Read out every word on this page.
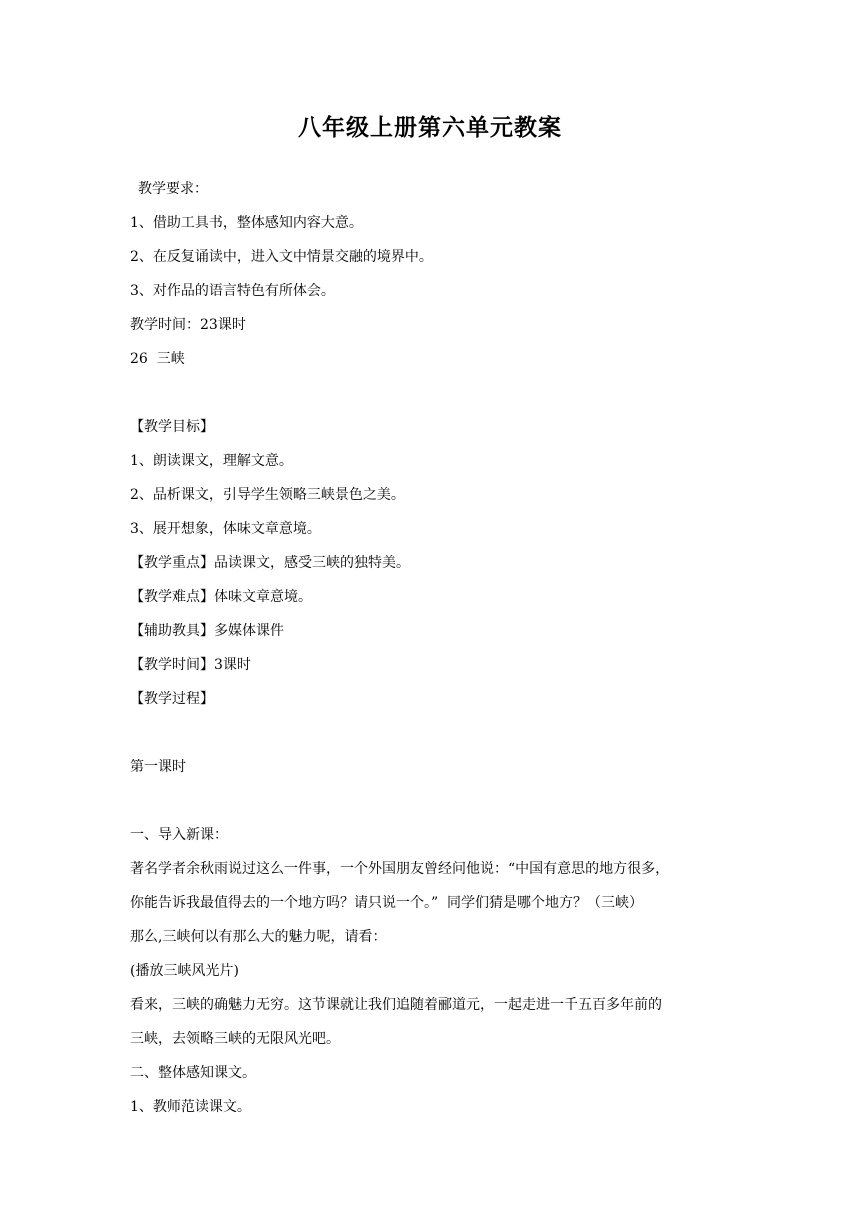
八年级上册第六单元教案
教学要求：
1、借助工具书，整体感知内容大意。
2、在反复诵读中，进入文中情景交融的境界中。
3、对作品的语言特色有所体会。
教学时间：23课时
26  三峡
【教学目标】
1、朗读课文，理解文意。
2、品析课文，引导学生领略三峡景色之美。
3、展开想象，体味文章意境。
【教学重点】品读课文，感受三峡的独特美。
【教学难点】体味文章意境。
【辅助教具】多媒体课件
【教学时间】3课时
【教学过程】
第一课时
一、导入新课：
著名学者余秋雨说过这么一件事，一个外国朋友曾经问他说：“中国有意思的地方很多，
你能告诉我最值得去的一个地方吗？请只说一个。”  同学们猜是哪个地方？（三峡）
那么,三峡何以有那么大的魅力呢，请看：
(播放三峡风光片)
看来，三峡的确魅力无穷。这节课就让我们追随着郦道元，一起走进一千五百多年前的
三峡，去领略三峡的无限风光吧。
二、整体感知课文。
1、教师范读课文。
